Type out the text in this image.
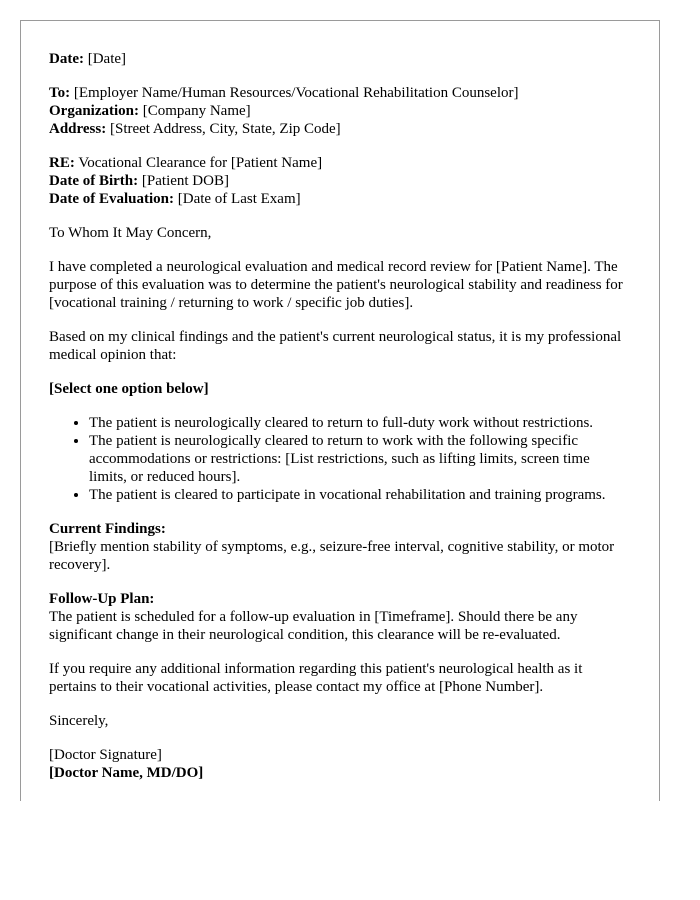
Date: [Date]

To: [Employer Name/Human Resources/Vocational Rehabilitation Counselor]

Organization: [Company Name]

Address: [Street Address, City, State, Zip Code]

RE: Vocational Clearance for [Patient Name]

Date of Birth: [Patient DOB]

Date of Evaluation: [Date of Last Exam]

To Whom It May Concern,

I have completed a neurological evaluation and medical record review for [Patient Name]. The purpose of this evaluation was to determine the patient's neurological stability and readiness for [vocational training / returning to work / specific job duties].

Based on my clinical findings and the patient's current neurological status, it is my professional medical opinion that:

[Select one option below]

• The patient is neurologically cleared to return to full-duty work without restrictions.
• The patient is neurologically cleared to return to work with the following specific accommodations or restrictions: [List restrictions, such as lifting limits, screen time limits, or reduced hours].
• The patient is cleared to participate in vocational rehabilitation and training programs.

Current Findings:

[Briefly mention stability of symptoms, e.g., seizure-free interval, cognitive stability, or motor recovery].

Follow-Up Plan:

The patient is scheduled for a follow-up evaluation in [Timeframe]. Should there be any significant change in their neurological condition, this clearance will be re-evaluated.

If you require any additional information regarding this patient's neurological health as it pertains to their vocational activities, please contact my office at [Phone Number].

Sincerely,

[Doctor Signature]

[Doctor Name, MD/DO]
